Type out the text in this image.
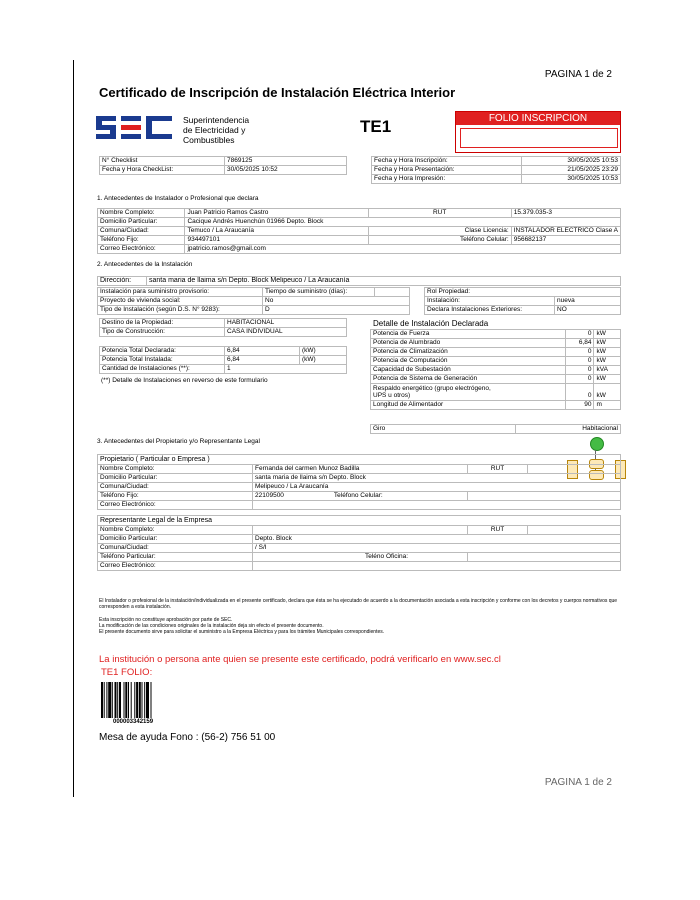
PAGINA 1 de 2
Certificado de Inscripción de Instalación Eléctrica Interior
Superintendencia
de Electricidad y
Combustibles
TE1	FOLIO INSCRIPCION
N° Checklist	7869125
Fecha y Hora CheckList:	30/05/2025 10:52
Fecha y Hora Inscripción:	30/05/2025 10:53
Fecha y Hora Presentación:	21/05/2025 23:29
Fecha y Hora Impresión:	30/05/2025 10:53
1. Antecedentes de Instalador o Profesional que declara
Nombre Completo:	Juan Patricio Ramos Castro	RUT	15.379.035-3
Domicilio Particular:	Cacique Andrés Huenchún 01966 Depto. Block		
Comuna/Ciudad:	Temuco / La Araucanía	Clase Licencia:	INSTALADOR ELECTRICO Clase A
Teléfono Fijo:	934497101	Teléfono Celular:	956682137
Correo Electrónico:	jpatricio.ramos@gmail.com		
2. Antecedentes de la Instalación
Dirección:	santa maria de llaima s/n Depto. Block Melipeuco / La Araucanía
Instalación para suministro provisorio:	Tiempo de suministro (días):	
Proyecto de vivienda social:	No	
Tipo de Instalación (según D.S. N° 9283):	D	
Rol Propiedad:	
Instalación:	nueva
Declara Instalaciones Exteriores:	NO
Destino de la Propiedad:	HABITACIONAL
Tipo de Construcción:	CASA INDIVIDUAL
Potencia Total Declarada:	6,84	(kW)
Potencia Total Instalada:	6,84	(kW)
Cantidad de Instalaciones (**):	1	
(**) Detalle de Instalaciones en reverso de este formulario
Detalle de Instalación Declarada
Potencia de Fuerza	0	kW
Potencia de Alumbrado	6,84	kW
Potencia de Climatización	0	kW
Potencia de Computación	0	kW
Capacidad de Subestación	0	kVA
Potencia de Sistema de Generación	0	kW

Respaldo energético (grupo electrógeno,
UPS u otros)	0	kW
Longitud de Alimentador	90	m
Giro	Habitacional
3. Antecedentes del Propietario y/o Representante Legal
Propietario ( Particular o Empresa )
Nombre Completo:	Fernanda del carmen Munoz Badilla	RUT	
Domicilio Particular:	santa maria de llaima s/n Depto. Block		
Comuna/Ciudad:	Melipeuco / La Araucanía		
Teléfono Fijo:	22109500 Teléfono Celular:		
Correo Electrónico:			
Representante Legal de la Empresa
Nombre Completo:		RUT	
Domicilio Particular:	Depto. Block		
Comuna/Ciudad:	/ S/I		
Teléfono Particular:	Teléno Oficina:		
Correo Electrónico:			
El Instalador o profesional de la instalación/individualizada en el presente certificado, declara que ésta se ha ejecutado de acuerdo a la documentación asociada a esta inscripción y conforme con los decretos y cuerpos normativos que corresponden a esta instalación.
Esta inscripción no constituye aprobación por parte de SEC.
La modificación de las condiciones originales de la instalación deja sin efecto el presente documento.
El presente documento sirve para solicitar el suministro a la Empresa Eléctrica y para los trámites Municipales correspondientes.
La institución o persona ante quien se presente este certificado, podrá verificarlo en www.sec.cl
TE1 FOLIO:
000003342159
Mesa de ayuda Fono : (56-2) 756 51 00
PAGINA 1 de 2
